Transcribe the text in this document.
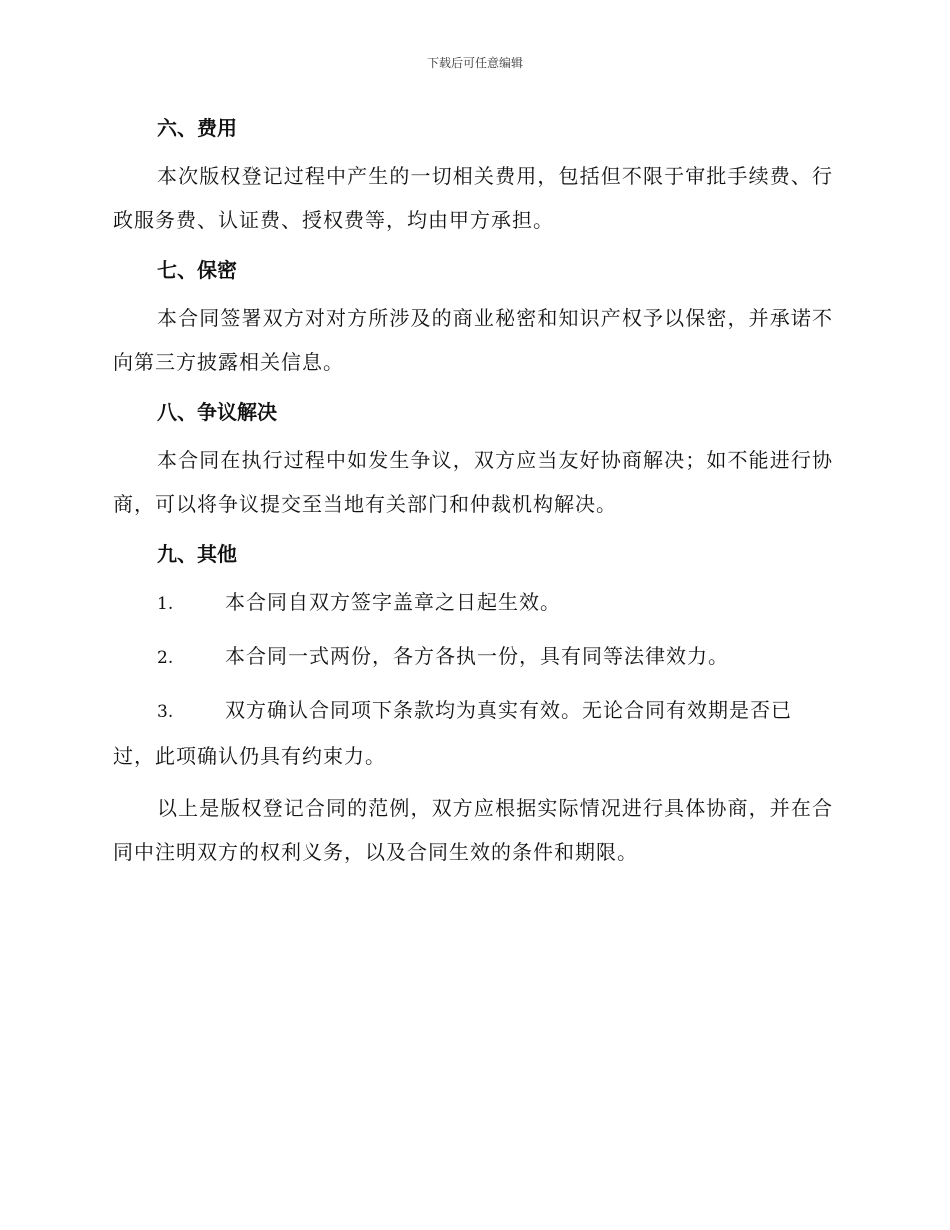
下载后可任意编辑
六、费用

本次版权登记过程中产生的一切相关费用，包括但不限于审批手续费、行政服务费、认证费、授权费等，均由甲方承担。

七、保密

本合同签署双方对对方所涉及的商业秘密和知识产权予以保密，并承诺不向第三方披露相关信息。

八、争议解决

本合同在执行过程中如发生争议，双方应当友好协商解决；如不能进行协商，可以将争议提交至当地有关部门和仲裁机构解决。

九、其他
1.	本合同自双方签字盖章之日起生效。
2.	本合同一式两份，各方各执一份，具有同等法律效力。
3.	双方确认合同项下条款均为真实有效。无论合同有效期是否已过，此项确认仍具有约束力。

以上是版权登记合同的范例，双方应根据实际情况进行具体协商，并在合同中注明双方的权利义务，以及合同生效的条件和期限。
